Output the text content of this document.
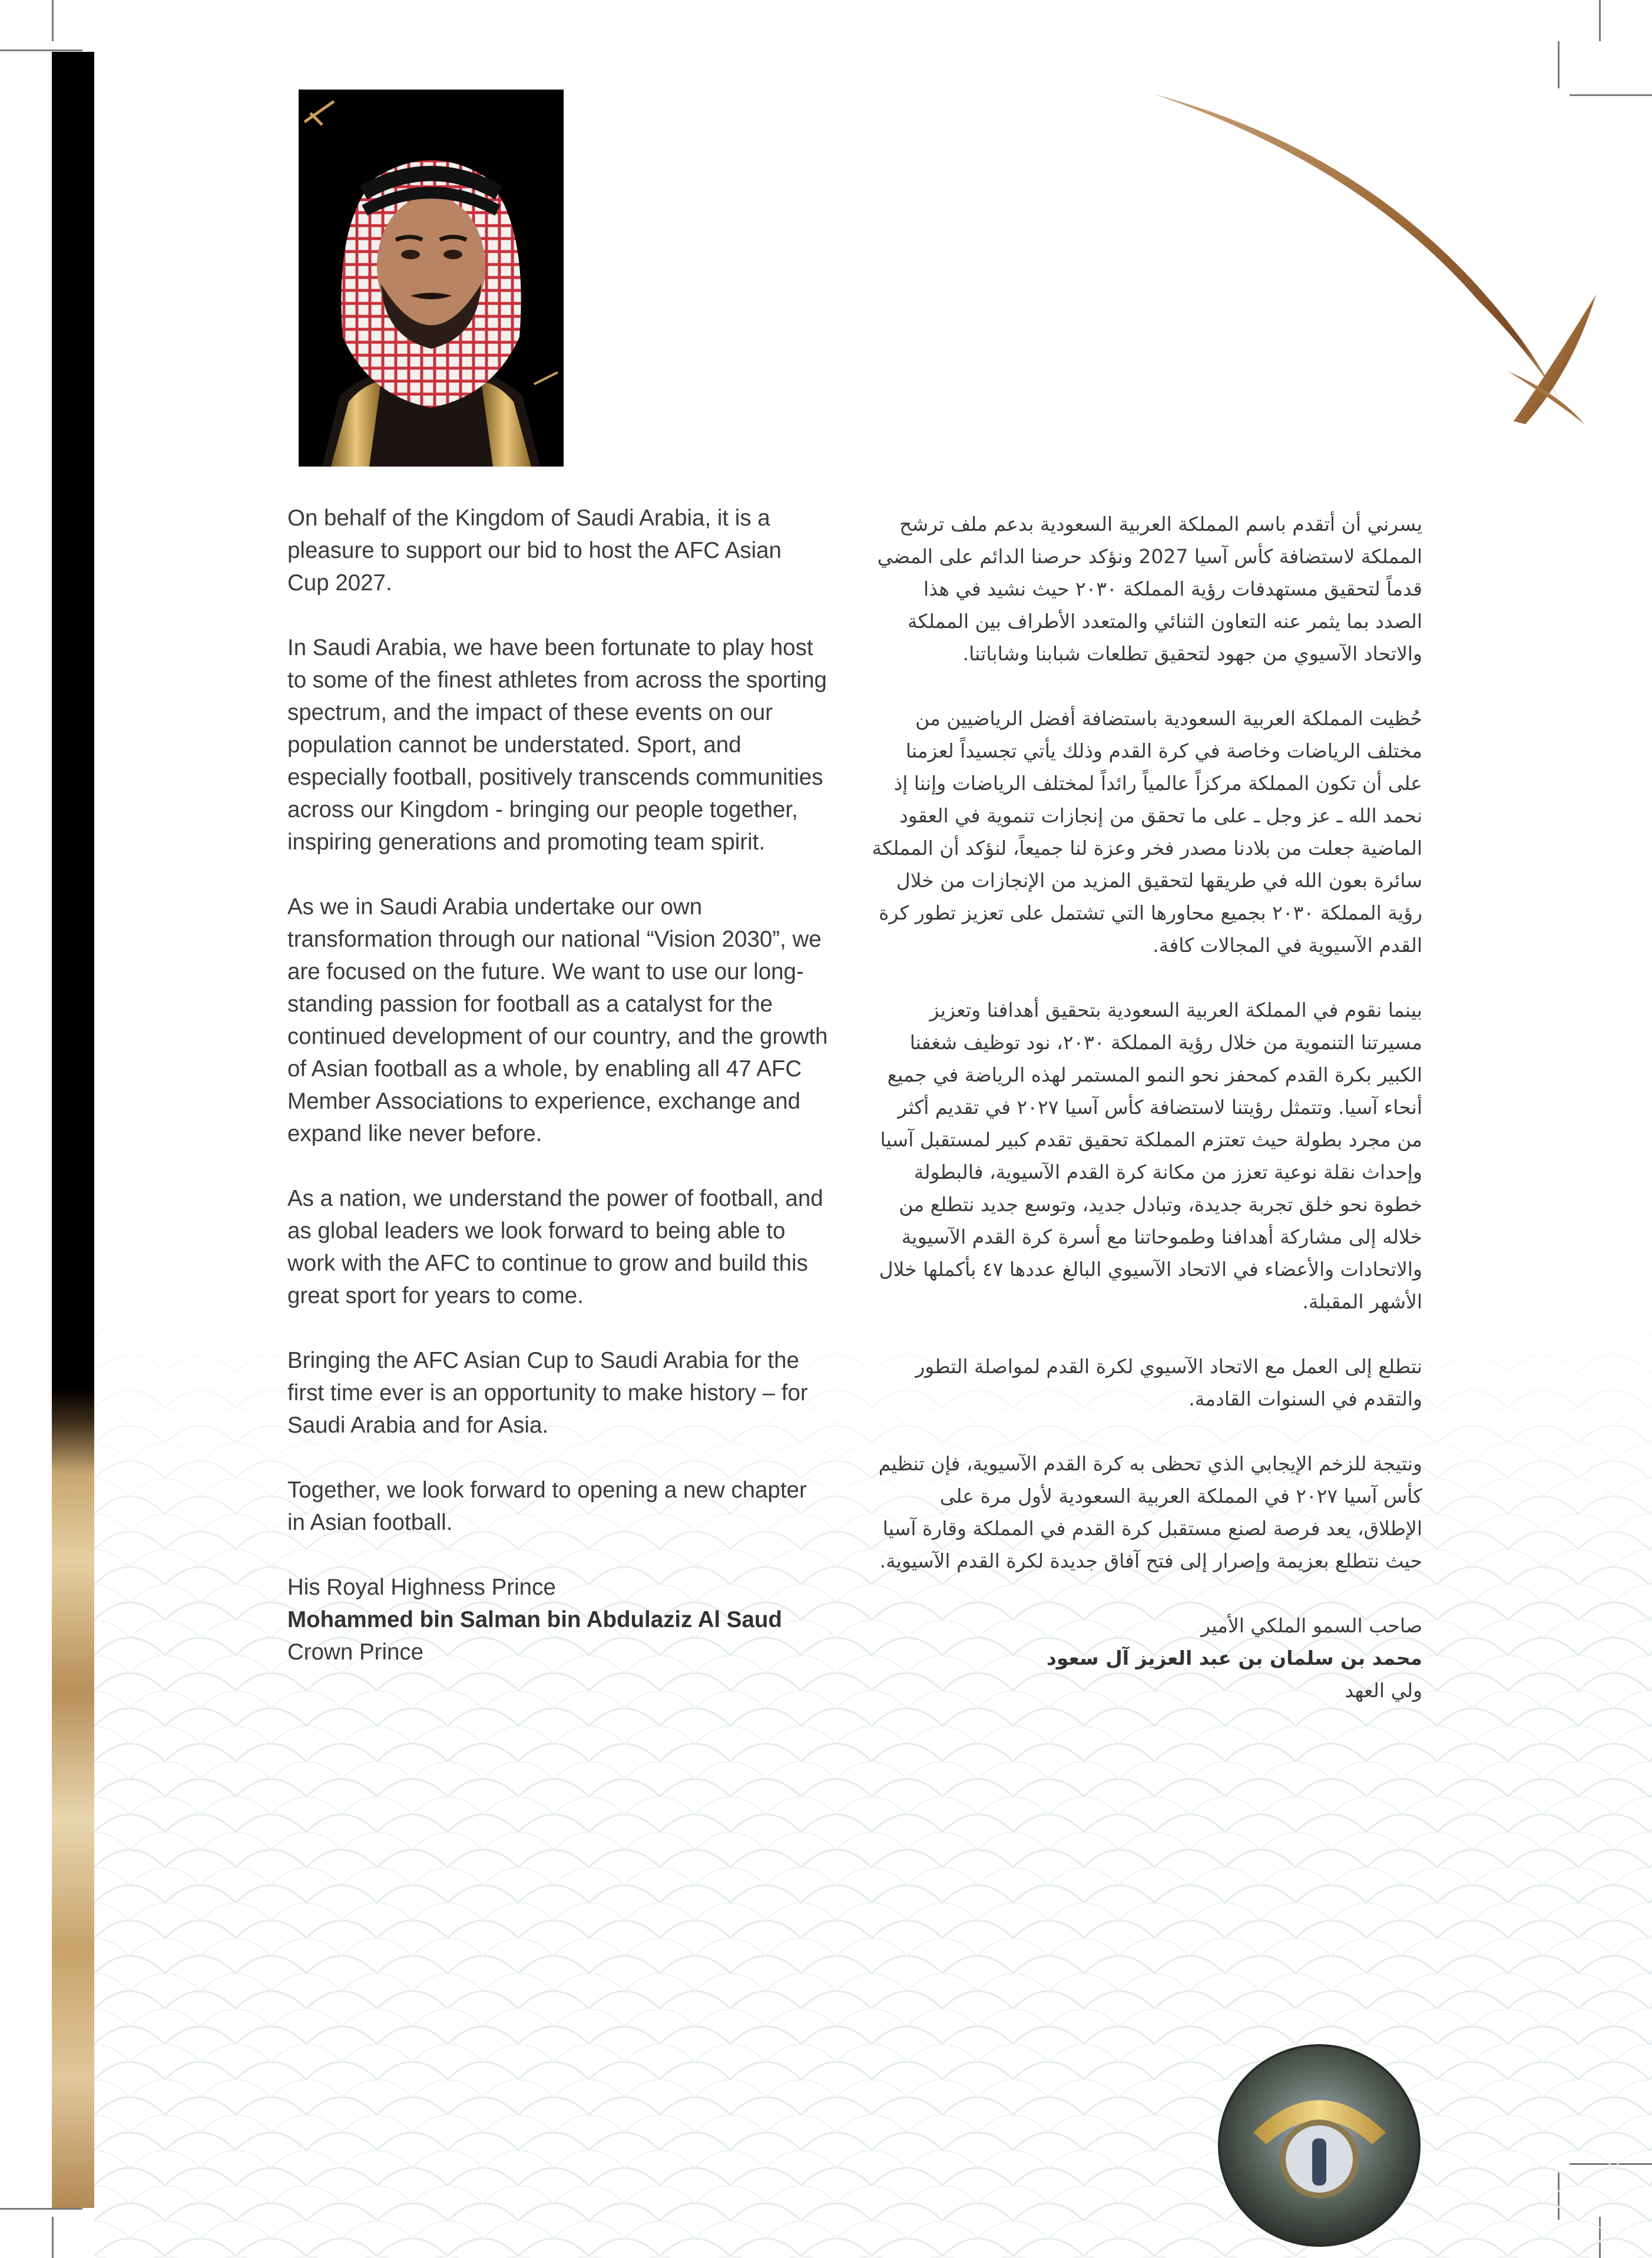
On behalf of the Kingdom of Saudi Arabia, it is a pleasure to support our bid to host the AFC Asian Cup 2027.

In Saudi Arabia, we have been fortunate to play host to some of the finest athletes from across the sporting spectrum, and the impact of these events on our population cannot be understated. Sport, and especially football, positively transcends communities across our Kingdom - bringing our people together, inspiring generations and promoting team spirit.

As we in Saudi Arabia undertake our own transformation through our national “Vision 2030”, we are focused on the future. We want to use our long-standing passion for football as a catalyst for the continued development of our country, and the growth of Asian football as a whole, by enabling all 47 AFC Member Associations to experience, exchange and expand like never before.

As a nation, we understand the power of football, and as global leaders we look forward to being able to work with the AFC to continue to grow and build this great sport for years to come.

Bringing the AFC Asian Cup to Saudi Arabia for the first time ever is an opportunity to make history – for Saudi Arabia and for Asia.

Together, we look forward to opening a new chapter in Asian football.

His Royal Highness Prince
Mohammed bin Salman bin Abdulaziz Al Saud
Crown Prince

يسرني أن أتقدم باسم المملكة العربية السعودية بدعم ملف ترشح المملكة لاستضافة كأس آسيا 2027 ونؤكد حرصنا الدائم على المضي قدماً لتحقيق مستهدفات رؤية المملكة ٢٠٣٠ حيث نشيد في هذا الصدد بما يثمر عنه التعاون الثنائي والمتعدد الأطراف بين المملكة والاتحاد الآسيوي من جهود لتحقيق تطلعات شبابنا وشاباتنا.

حُظيت المملكة العربية السعودية باستضافة أفضل الرياضيين من مختلف الرياضات وخاصة في كرة القدم وذلك يأتي تجسيداً لعزمنا على أن تكون المملكة مركزاً عالمياً رائداً لمختلف الرياضات وإننا إذ نحمد الله ـ عز وجل ـ على ما تحقق من إنجازات تنموية في العقود الماضية جعلت من بلادنا مصدر فخر وعزة لنا جميعاً، لنؤكد أن المملكة سائرة بعون الله في طريقها لتحقيق المزيد من الإنجازات من خلال رؤية المملكة ٢٠٣٠ بجميع محاورها التي تشتمل على تعزيز تطور كرة القدم الآسيوية في المجالات كافة.

بينما نقوم في المملكة العربية السعودية بتحقيق أهدافنا وتعزيز مسيرتنا التنموية من خلال رؤية المملكة ٢٠٣٠، نود توظيف شغفنا الكبير بكرة القدم كمحفز نحو النمو المستمر لهذه الرياضة في جميع أنحاء آسيا. وتتمثل رؤيتنا لاستضافة كأس آسيا ٢٠٢٧ في تقديم أكثر من مجرد بطولة حيث تعتزم المملكة تحقيق تقدم كبير لمستقبل آسيا وإحداث نقلة نوعية تعزز من مكانة كرة القدم الآسيوية، فالبطولة خطوة نحو خلق تجربة جديدة، وتبادل جديد، وتوسع جديد نتطلع من خلاله إلى مشاركة أهدافنا وطموحاتنا مع أسرة كرة القدم الآسيوية والاتحادات والأعضاء في الاتحاد الآسيوي البالغ عددها ٤٧ بأكملها خلال الأشهر المقبلة.

نتطلع إلى العمل مع الاتحاد الآسيوي لكرة القدم لمواصلة التطور والتقدم في السنوات القادمة.

ونتيجة للزخم الإيجابي الذي تحظى به كرة القدم الآسيوية، فإن تنظيم كأس آسيا ٢٠٢٧ في المملكة العربية السعودية لأول مرة على الإطلاق، يعد فرصة لصنع مستقبل كرة القدم في المملكة وقارة آسيا حيث نتطلع بعزيمة وإصرار إلى فتح آفاق جديدة لكرة القدم الآسيوية.

صاحب السمو الملكي الأمير
محمد بن سلمان بن عبد العزيز آل سعود
ولي العهد
